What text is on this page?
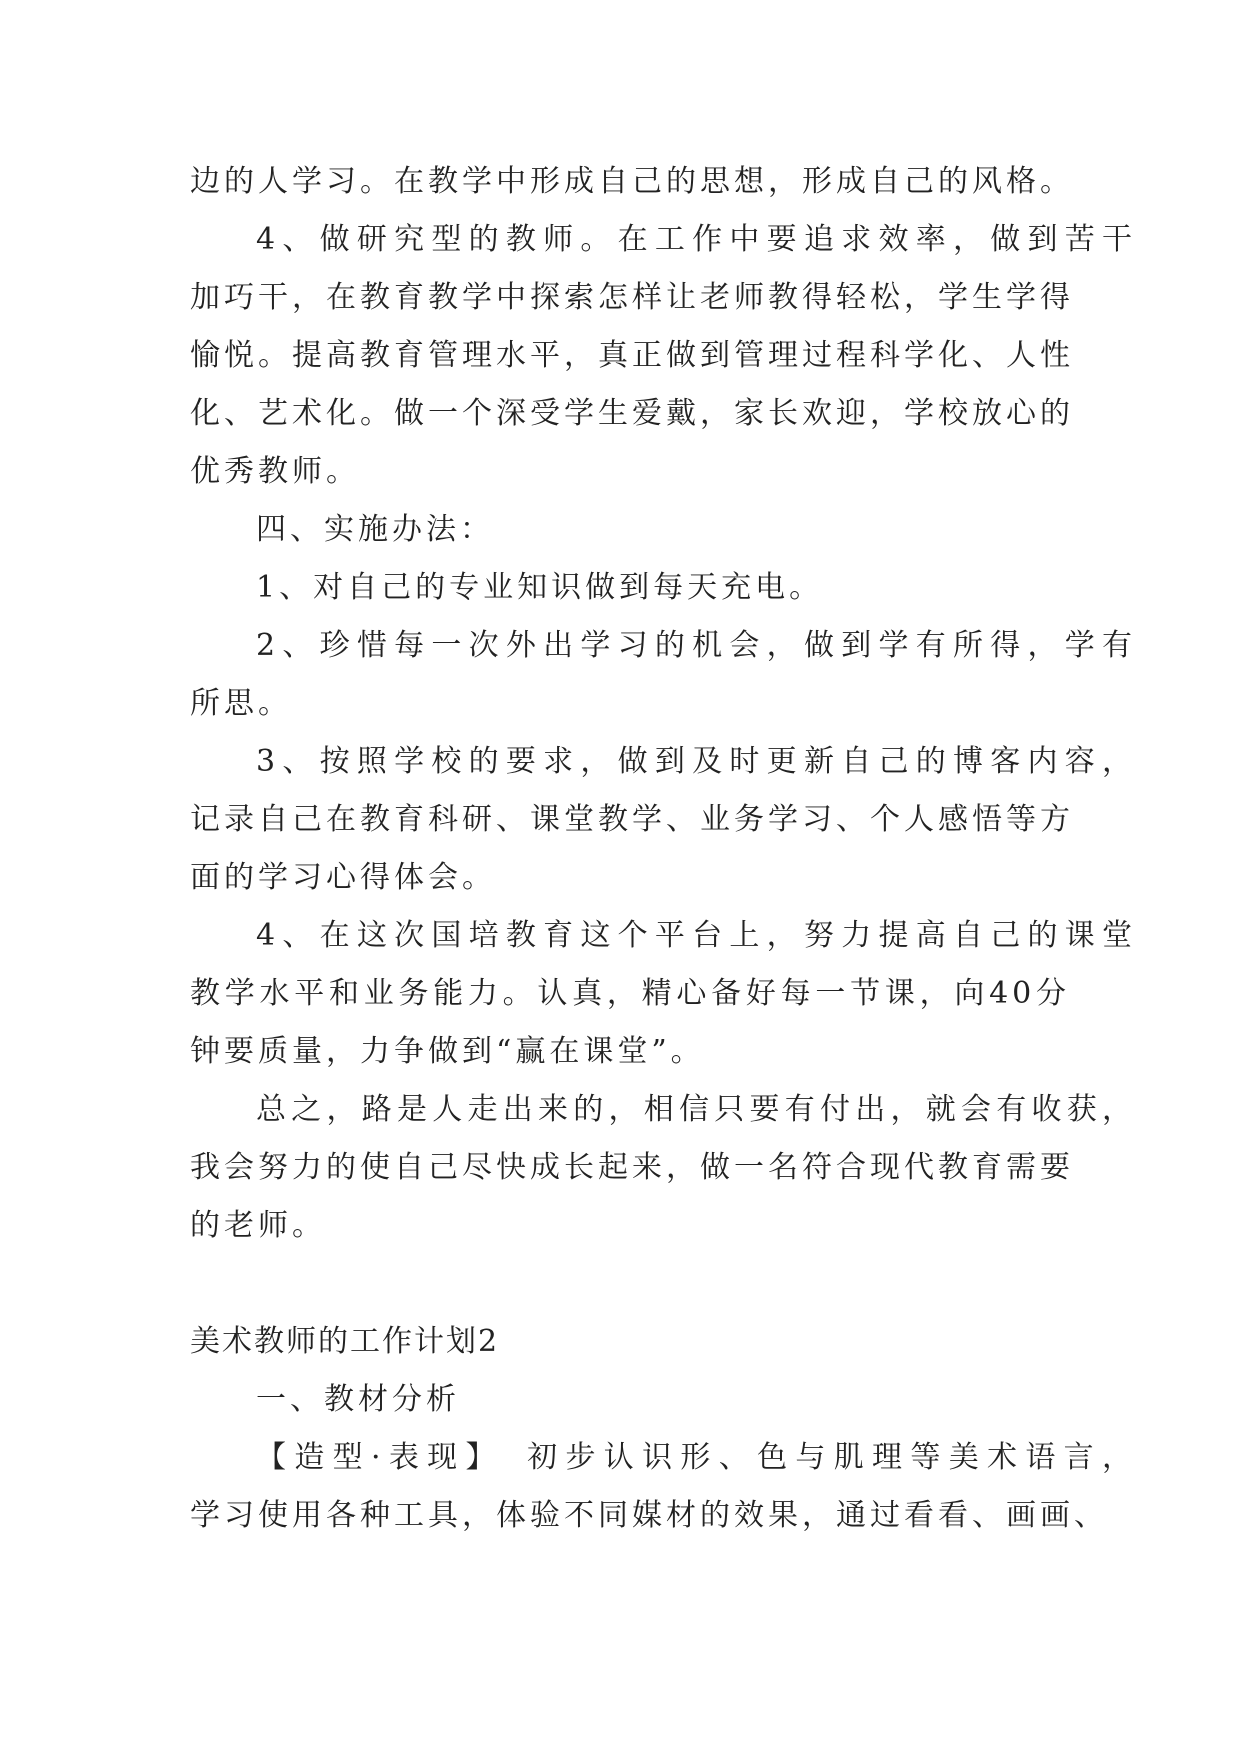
边的人学习。在教学中形成自己的思想，形成自己的风格。
4、做研究型的教师。在工作中要追求效率，做到苦干
加巧干，在教育教学中探索怎样让老师教得轻松，学生学得
愉悦。提高教育管理水平，真正做到管理过程科学化、人性
化、艺术化。做一个深受学生爱戴，家长欢迎，学校放心的
优秀教师。
四、实施办法：
1、对自己的专业知识做到每天充电。
2、珍惜每一次外出学习的机会，做到学有所得，学有
所思。
3、按照学校的要求，做到及时更新自己的博客内容，
记录自己在教育科研、课堂教学、业务学习、个人感悟等方
面的学习心得体会。
4、在这次国培教育这个平台上，努力提高自己的课堂
教学水平和业务能力。认真，精心备好每一节课，向40分
钟要质量，力争做到“赢在课堂”。
总之，路是人走出来的，相信只要有付出，就会有收获，
我会努力的使自己尽快成长起来，做一名符合现代教育需要
的老师。
美术教师的工作计划2
一、教材分析
【造型·表现】　初步认识形、色与肌理等美术语言，
学习使用各种工具，体验不同媒材的效果，通过看看、画画、
